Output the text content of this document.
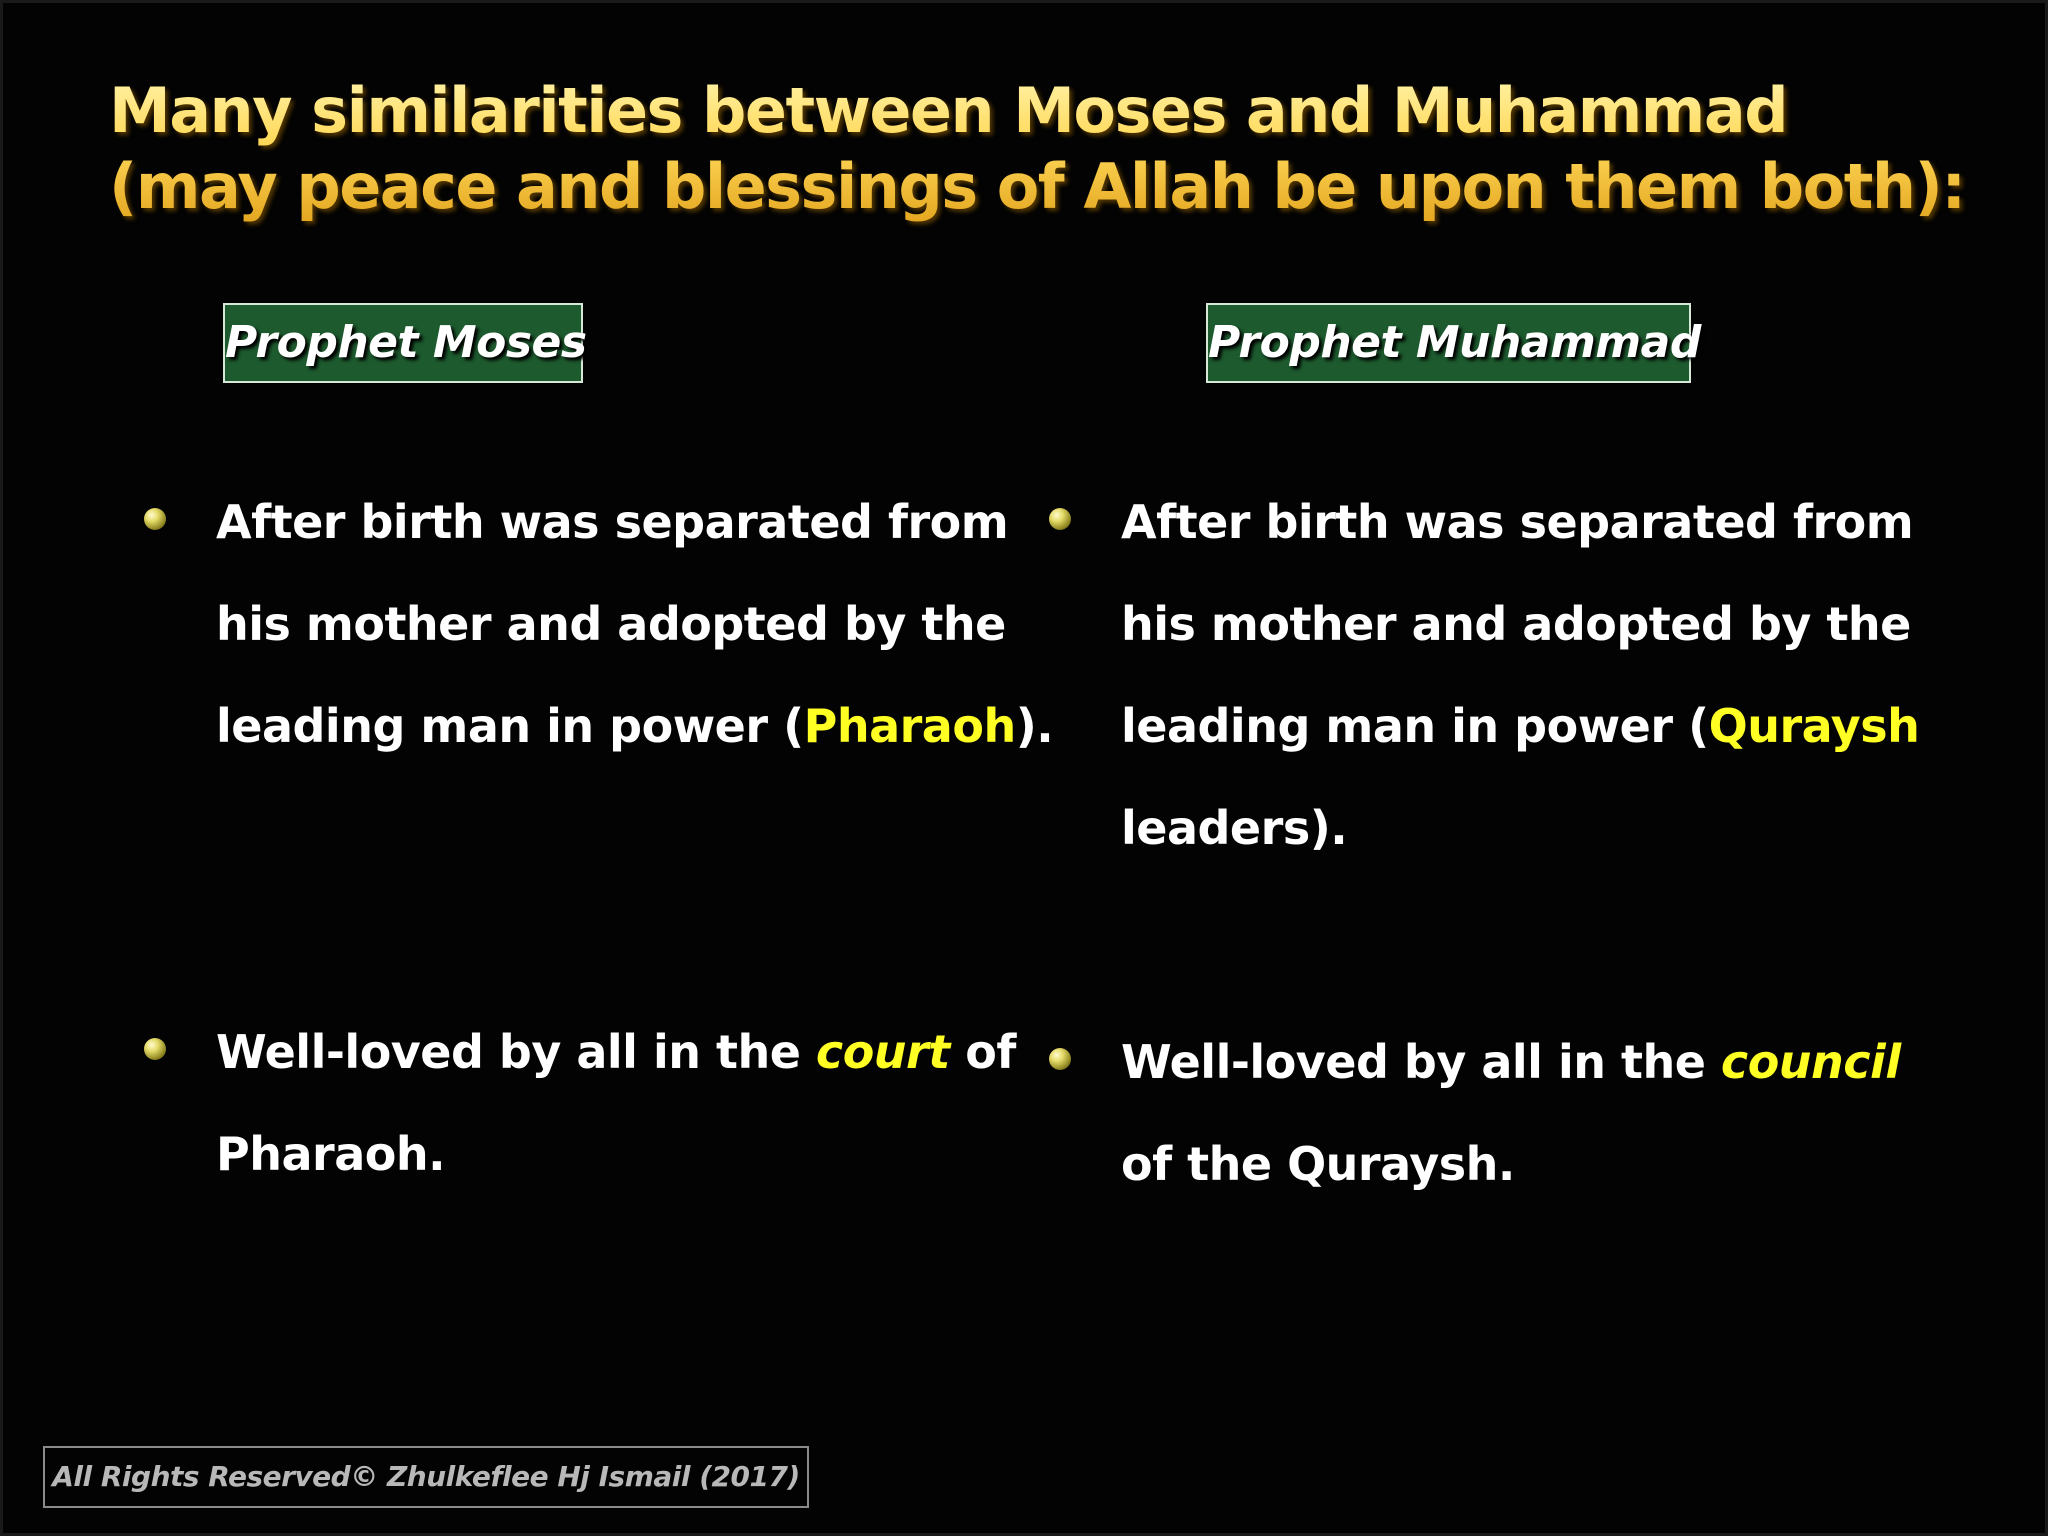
Many similarities between Moses and Muhammad
(may peace and blessings of Allah be upon them both):
Prophet Moses	Prophet Muhammad
After birth was separated from
his mother and adopted by the
leading man in power (Pharaoh).
After birth was separated from
his mother and adopted by the
leading man in power (Quraysh
leaders).
Well-loved by all in the court of
Pharaoh.
Well-loved by all in the council
of the Quraysh.
All Rights Reserved© Zhulkeflee Hj Ismail (2017)
